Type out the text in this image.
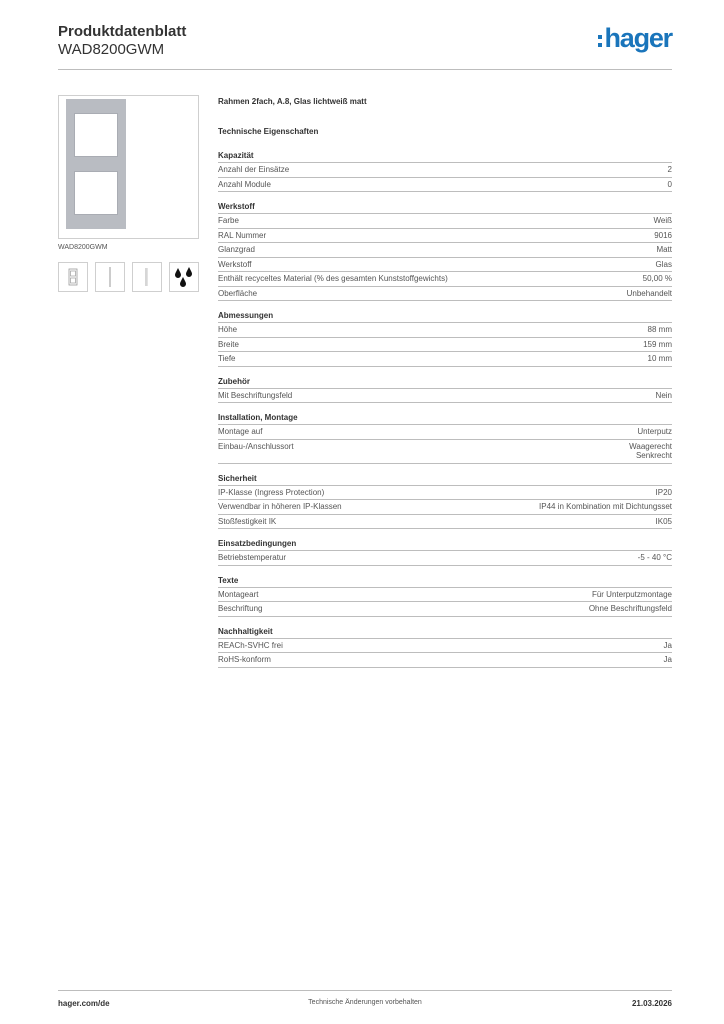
Produktdatenblatt
WAD8200GWM	hager
WAD8200GWM
Rahmen 2fach, A.8, Glas lichtweiß matt
Technische Eigenschaften
Kapazität
Anzahl der Einsätze	2
Anzahl Module	0
Werkstoff
Farbe	Weiß
RAL Nummer	9016
Glanzgrad	Matt
Werkstoff	Glas
Enthält recyceltes Material (% des gesamten Kunststoffgewichts)	50,00 %
Oberfläche	Unbehandelt
Abmessungen
Höhe	88 mm
Breite	159 mm
Tiefe	10 mm
Zubehör
Mit Beschriftungsfeld	Nein
Installation, Montage
Montage auf	Unterputz
Einbau-/Anschlussort	Waagerecht
Senkrecht
Sicherheit
IP-Klasse (Ingress Protection)	IP20
Verwendbar in höheren IP-Klassen	IP44 in Kombination mit Dichtungsset
Stoßfestigkeit IK	IK05
Einsatzbedingungen
Betriebstemperatur	-5 - 40 °C
Texte
Montageart	Für Unterputzmontage
Beschriftung	Ohne Beschriftungsfeld
Nachhaltigkeit
REACh-SVHC frei	Ja
RoHS-konform	Ja
hager.com/de	Technische Änderungen vorbehalten	21.03.2026
